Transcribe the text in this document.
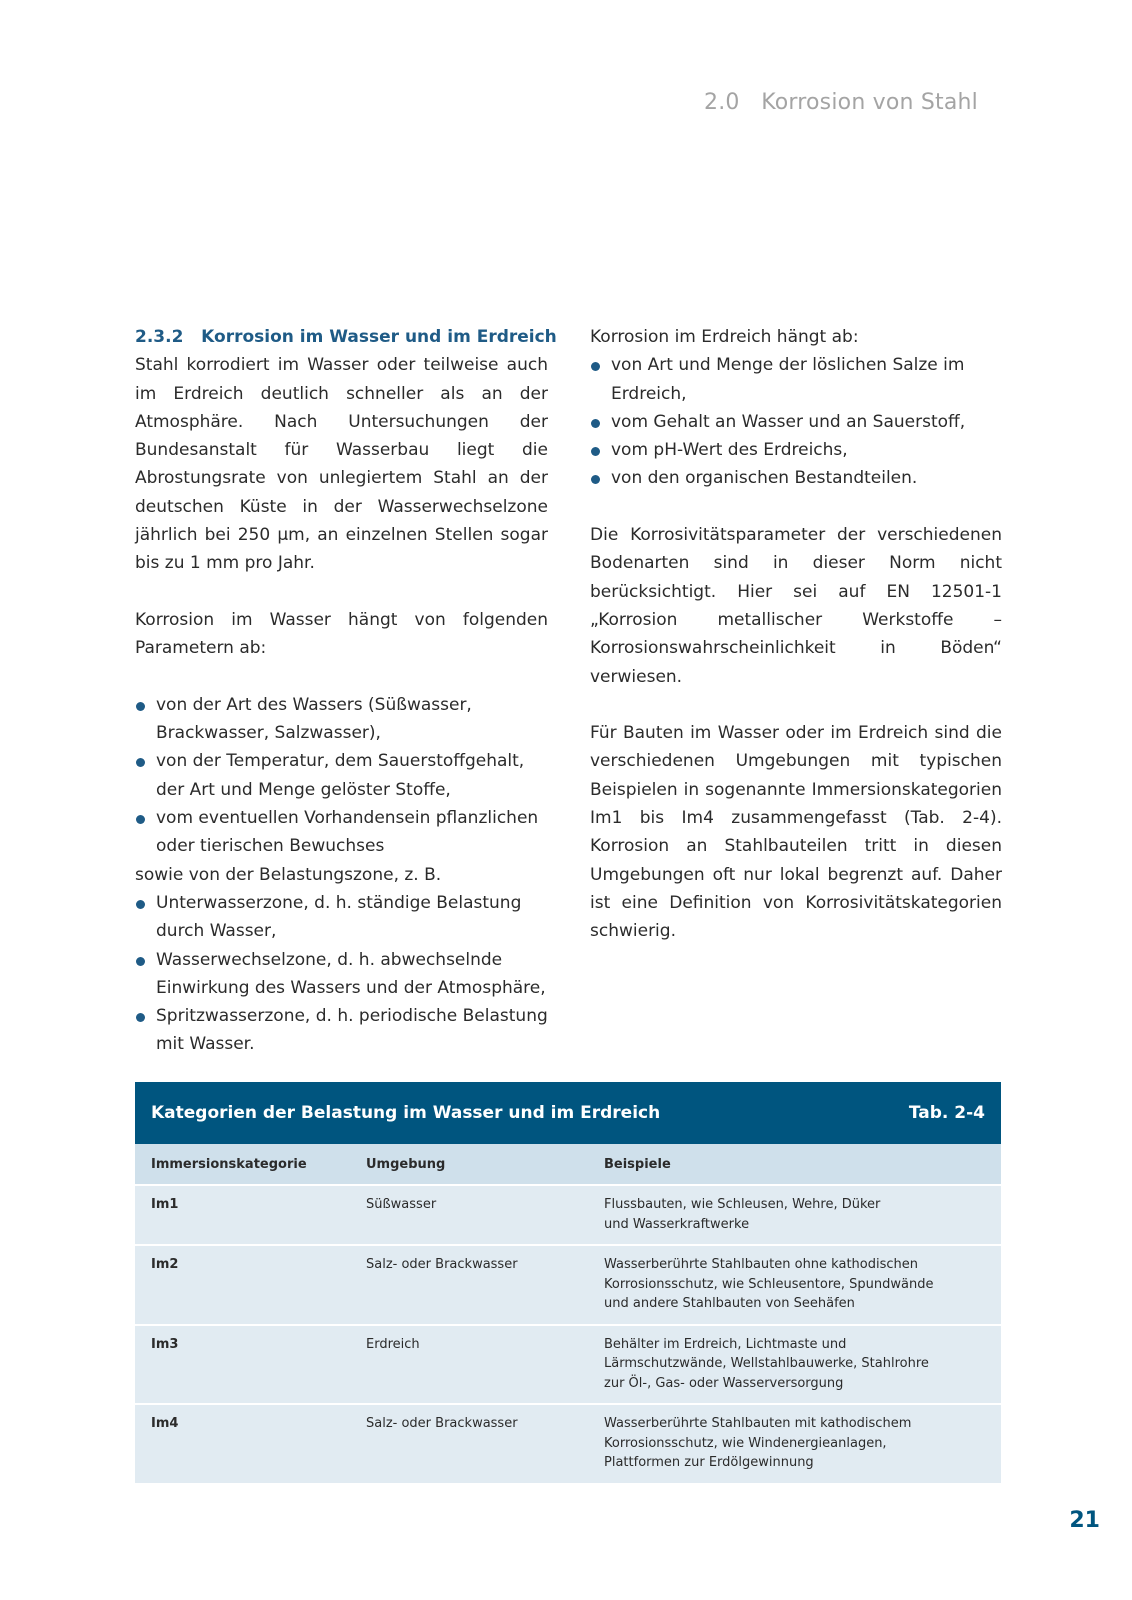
2.0   Korrosion von Stahl
2.3.2   Korrosion im Wasser und im Erdreich

Stahl korrodiert im Wasser oder teilweise auch im Erdreich deutlich schneller als an der Atmosphäre. Nach Untersuchungen der Bundesanstalt für Wasserbau liegt die Abrostungsrate von unlegiertem Stahl an der deutschen Küste in der Wasserwechselzone jährlich bei 250 µm, an einzelnen Stellen sogar bis zu 1 mm pro Jahr.

Korrosion im Wasser hängt von folgenden Parametern ab:

von der Art des Wassers (Süßwasser, Brackwasser, Salzwasser),
von der Temperatur, dem Sauerstoffgehalt, der Art und Menge gelöster Stoffe,
vom eventuellen Vorhandensein pflanzlichen oder tierischen Bewuchses

sowie von der Belastungszone, z. B.

Unterwasserzone, d. h. ständige Belastung durch Wasser,
Wasserwechselzone, d. h. abwechselnde Einwirkung des Wassers und der Atmosphäre,
Spritzwasserzone, d. h. periodische Belastung mit Wasser.

Korrosion im Erdreich hängt ab:

von Art und Menge der löslichen Salze im Erdreich,
vom Gehalt an Wasser und an Sauerstoff,
vom pH-Wert des Erdreichs,
von den organischen Bestandteilen.

Die Korrosivitätsparameter der verschiedenen Bodenarten sind in dieser Norm nicht berücksichtigt. Hier sei auf EN 12501-1 „Korrosion metallischer Werkstoffe – Korrosionswahrscheinlichkeit in Böden“ verwiesen.

Für Bauten im Wasser oder im Erdreich sind die verschiedenen Umgebungen mit typischen Beispielen in sogenannte Immersionskategorien Im1 bis Im4 zusammengefasst (Tab. 2-4). Korrosion an Stahlbauteilen tritt in diesen Umgebungen oft nur lokal begrenzt auf. Daher ist eine Definition von Korrosivitätskategorien schwierig.

Kategorien der Belastung im Wasser und im Erdreich	Tab. 2-4
Immersionskategorie	Umgebung	Beispiele
Im1	Süßwasser	Flussbauten, wie Schleusen, Wehre, Düker
und Wasserkraftwerke
Im2	Salz- oder Brackwasser	Wasserberührte Stahlbauten ohne kathodischen
Korrosionsschutz, wie Schleusentore, Spundwände
und andere Stahlbauten von Seehäfen
Im3	Erdreich	Behälter im Erdreich, Lichtmaste und
Lärmschutzwände, Wellstahlbauwerke, Stahlrohre
zur Öl-, Gas- oder Wasserversorgung
Im4	Salz- oder Brackwasser	Wasserberührte Stahlbauten mit kathodischem
Korrosionsschutz, wie Windenergieanlagen,
Plattformen zur Erdölgewinnung
21
